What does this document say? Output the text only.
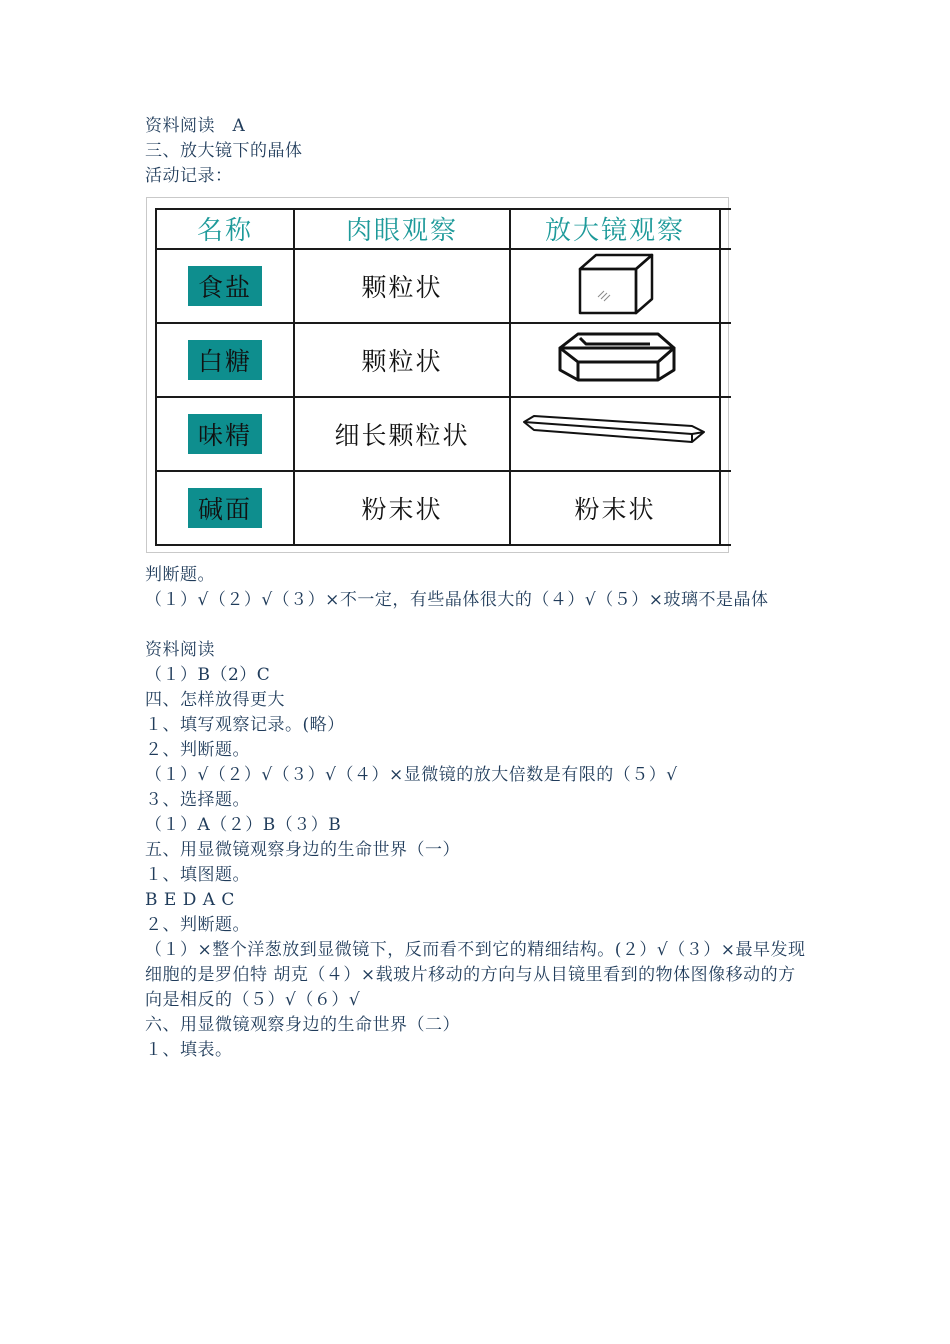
资料阅读　A
三、放大镜下的晶体
活动记录：
名称	肉眼观察	放大镜观察	
食盐	颗粒状		
白糖	颗粒状		
味精	细长颗粒状		
碱面	粉末状	粉末状	
判断题。
（１）√（２）√（３）×不一定，有些晶体很大的（４）√（５）×玻璃不是晶体
资料阅读
（１）B（2）C
四、怎样放得更大
１、填写观察记录。(略）
２、判断题。
（１）√（２）√（３）√（４）×显微镜的放大倍数是有限的（５）√
３、选择题。
（１）A（２）B（３）B
五、用显微镜观察身边的生命世界（一）
１、填图题。
B E D A C
２、判断题。
（１）×整个洋葱放到显微镜下，反而看不到它的精细结构。(２）√（３）×最早发现细胞的是罗伯特 胡克（４）×载玻片移动的方向与从目镜里看到的物体图像移动的方向是相反的（５）√（６）√
六、用显微镜观察身边的生命世界（二）
１、填表。
